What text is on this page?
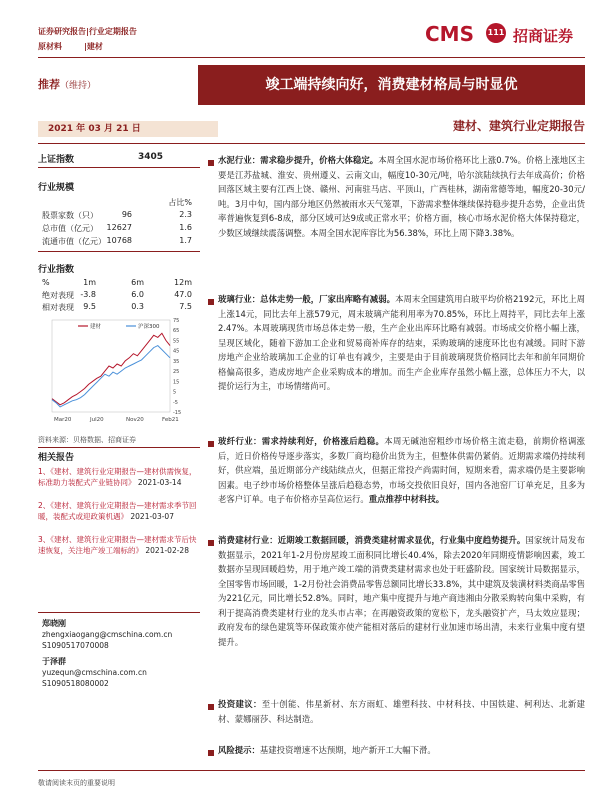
证券研究报告|行业定期报告
原材料	|建材
CMS 111 招商证券
推荐（维持）	竣工端持续向好，消费建材格局与时显优
2021 年 03 月 21 日	建材、建筑行业定期报告
上证指数	3405
行业规模
占比%
股票家数（只）	96	2.3
总市值（亿元） 12627	1.6
流通市值（亿元） 10768	1.7
行业指数
%	1m	6m	12m
绝对表现 -3.8	6.0	47.0
相对表现 9.5	0.3	7.5
75
65
55
45
35
25
15
5
-5
-15
Mar20	Jul20	Nov20	Feb21
建材	沪深300
资料来源：贝格数据、招商证券
相关报告
1、《建材、建筑行业定期报告—建材供需恢复，标准助力装配式产业链协同》 2021-03-14
2、《建材、建筑行业定期报告—建材需求季节回暖，装配式或迎政策机遇》 2021-03-07
3、《建材、建筑行业定期报告—建材需求节后快速恢复，关注地产竣工端标的》 2021-02-28
郑晓刚
zhengxiaogang@cmschina.com.cn
S1090517070008
于泽群
yuzequn@cmschina.com.cn
S1090518080002
水泥行业：需求稳步提升，价格大体稳定。本周全国水泥市场价格环比上涨0.7%。价格上涨地区主要是江苏盐城、淮安、贵州遵义、云南文山，幅度10-30元/吨，哈尔滨陆续执行去年成高价；价格回落区域主要有江西上饶、赣州、河南驻马店、平顶山，广西桂林，湖南常德等地，幅度20-30元/吨。3月中旬，国内部分地区仍然被雨水天气笼罩，下游需求整体继续保持稳步提升态势，企业出货率普遍恢复到6-8成，部分区域可达9成或正常水平；价格方面，核心市场水泥价格大体保持稳定，少数区域继续震荡调整。本周全国水泥库容比为56.38%，环比上周下降3.38%。
玻璃行业：总体走势一般，厂家出库略有减弱。本周末全国建筑用白玻平均价格2192元，环比上周上涨14元，同比去年上涨579元，周末玻璃产能利用率为70.85%，环比上周持平，同比去年上涨2.47%。本周玻璃现货市场总体走势一般，生产企业出库环比略有减弱。市场成交价格小幅上涨，呈现区域化，随着下游加工企业和贸易商补库存的结束，采购玻璃的速度环比也有减缓。同时下游房地产企业给玻璃加工企业的订单也有减少，主要是由于目前玻璃现货价格同比去年和前年同期价格偏高很多，造成房地产企业采购成本的增加。而生产企业库存虽然小幅上涨，总体压力不大，以提价运行为主，市场情绪尚可。
玻纤行业：需求持续利好，价格涨后趋稳。本周无碱池窑粗纱市场价格主流走稳，前期价格调涨后，近日价格传导逐步落实，多数厂商均稳价出货为主，但整体供需仍紧俏。近期需求端仍持续利好，供应端，虽近期部分产线陆续点火，但据正常投产尚需时间，短期来看，需求端仍是主要影响因素。电子纱市场价格整体呈涨后趋稳态势，市场交投依旧良好，国内各池窑厂订单充足，且多为老客户订单。电子布价格亦呈高位运行。重点推荐中材科技。
消费建材行业：近期竣工数据回暖，消费类建材需求显优，行业集中度趋势提升。国家统计局发布数据显示，2021年1-2月份房屋竣工面积同比增长40.4%，除去2020年同期疫情影响因素，竣工数据亦呈现回暖趋势，用于地产竣工端的消费类建材需求也处于旺盛阶段。国家统计局数据显示，全国零售市场回暖，1-2月份社会消费品零售总额同比增长33.8%，其中建筑及装潢材料类商品零售为221亿元，同比增长52.8%。同时，地产集中度提升与地产商违湘由分散采购转向集中采购，有利于提高消费类建材行业的龙头市占率；在再融资政策的宽松下，龙头融资扩产，马太效应显现；政府发布的绿色建筑等环保政策亦使产能相对落后的建材行业加速市场出清，未来行业集中度有望提升。
投资建议：至十创能、伟星新材、东方雨虹、雄塑科技、中材科技、中国铁建、柯利达、北新建材、蒙娜丽莎、科达制造。
风险提示：基建投资增速不达预期，地产新开工大幅下滑。
敬请阅读末页的重要说明
